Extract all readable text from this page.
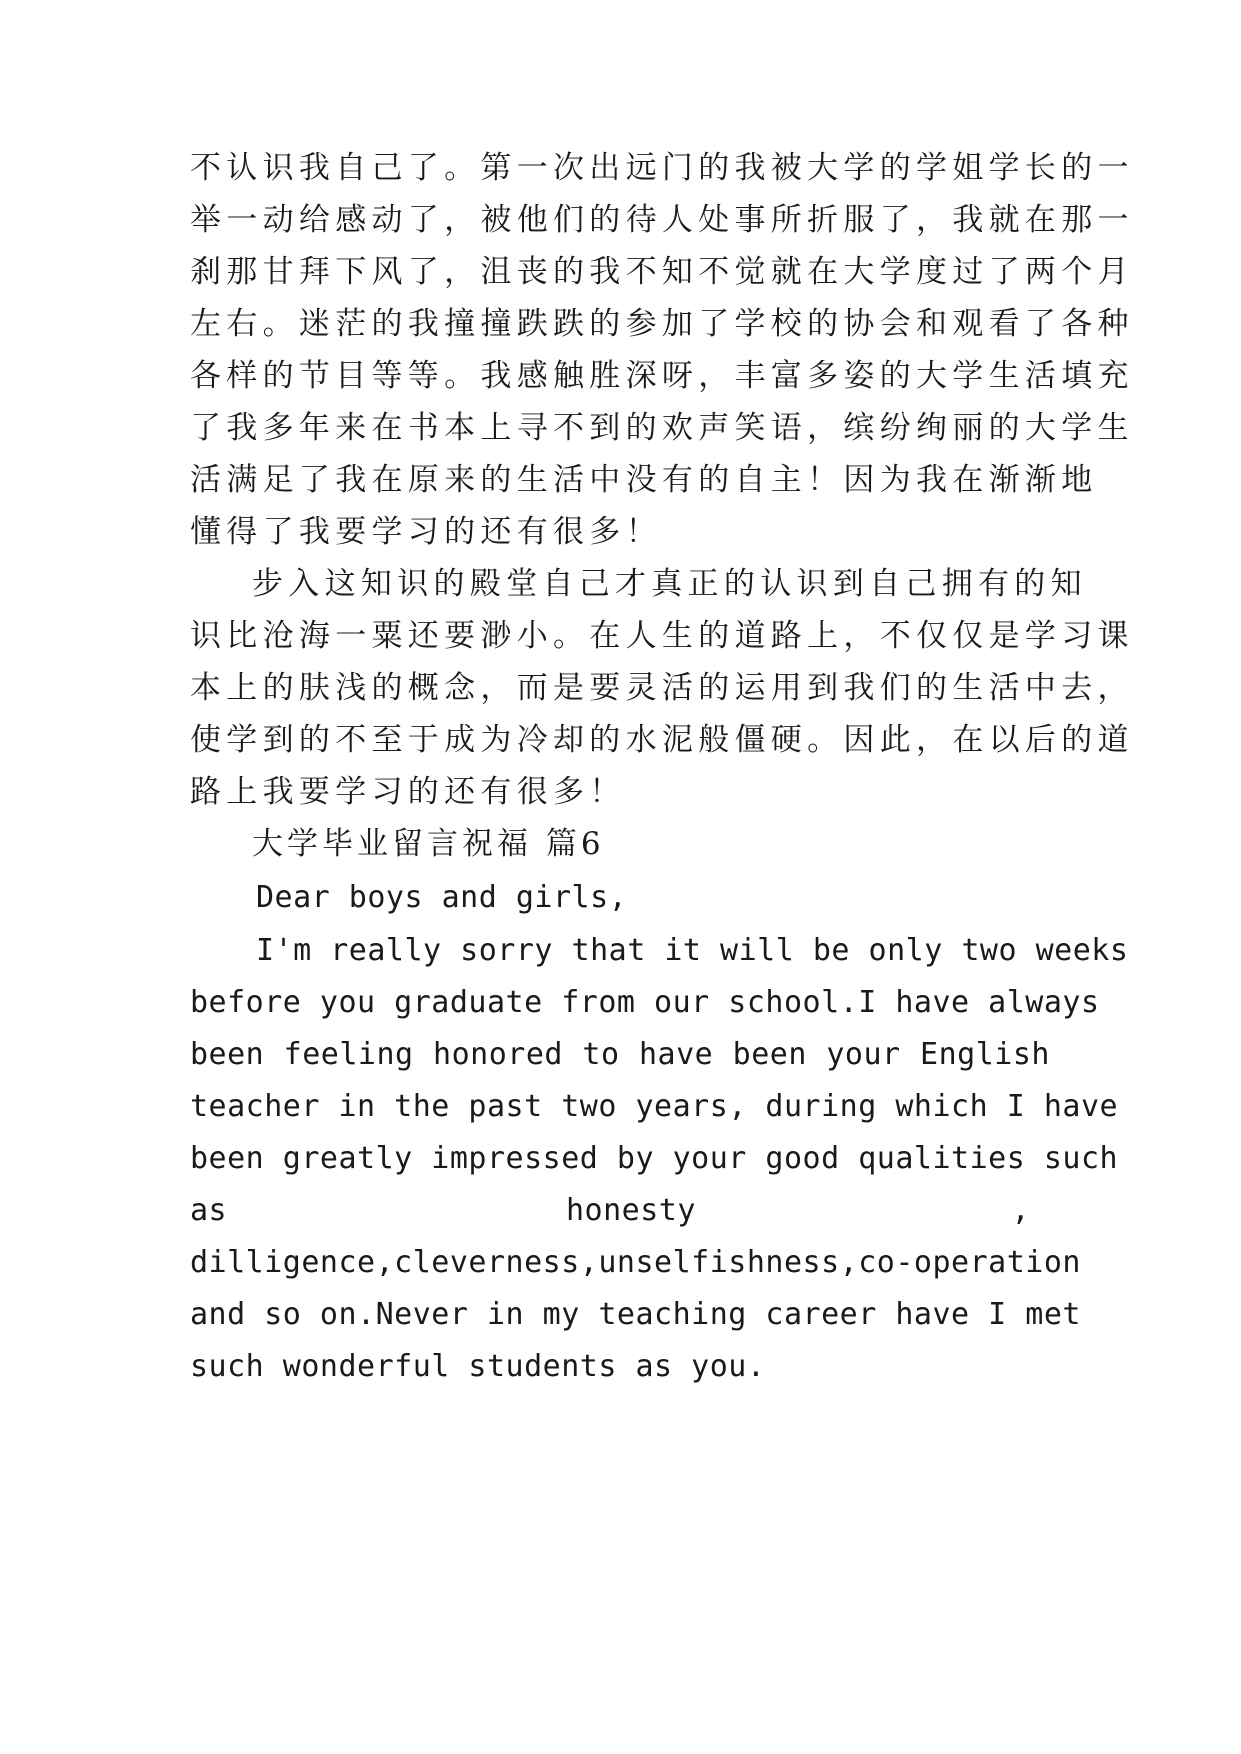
不认识我自己了。第一次出远门的我被大学的学姐学长的一
举一动给感动了，被他们的待人处事所折服了，我就在那一
刹那甘拜下风了，沮丧的我不知不觉就在大学度过了两个月
左右。迷茫的我撞撞跌跌的参加了学校的协会和观看了各种
各样的节目等等。我感触胜深呀，丰富多姿的大学生活填充
了我多年来在书本上寻不到的欢声笑语，缤纷绚丽的大学生
活满足了我在原来的生活中没有的自主！因为我在渐渐地
懂得了我要学习的还有很多！
步入这知识的殿堂自己才真正的认识到自己拥有的知
识比沧海一粟还要渺小。在人生的道路上，不仅仅是学习课
本上的肤浅的概念，而是要灵活的运用到我们的生活中去，
使学到的不至于成为冷却的水泥般僵硬。因此，在以后的道
路上我要学习的还有很多！
大学毕业留言祝福 篇6
Dear boys and girls,
I'm really sorry that it will be only two weeks
before you graduate from our school.I have always
been feeling honored to have been your English
teacher in the past two years, during which I have
been greatly impressed by your good qualities such
as	honesty	,
dilligence,cleverness,unselfishness,co-operation
and so on.Never in my teaching career have I met
such wonderful students as you.
